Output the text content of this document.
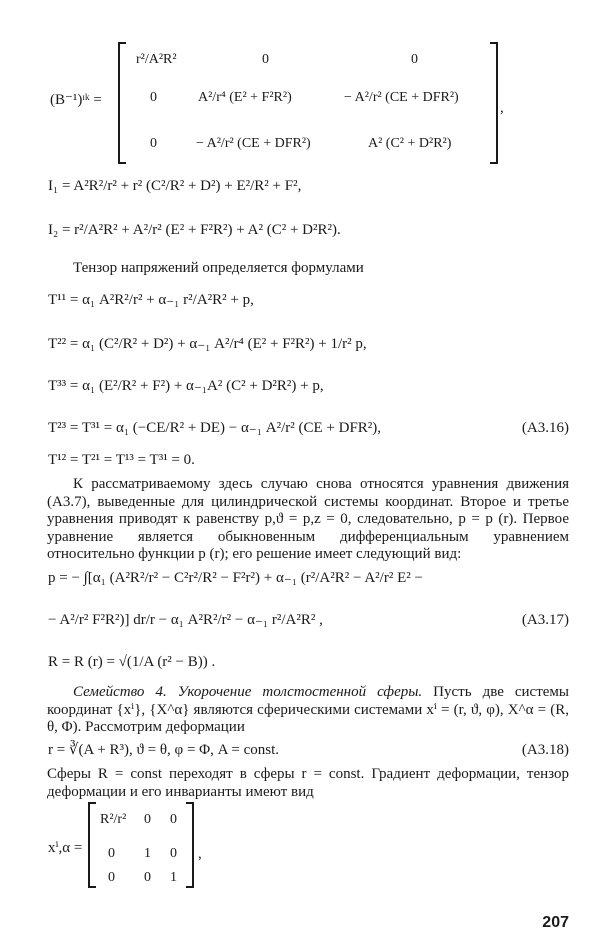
(B⁻¹)ᶦᵏ =
r²/A²R²	0	0
0	A²/r⁴ (E² + F²R²)	− A²/r² (CE + DFR²)
0	− A²/r² (CE + DFR²)	A² (C² + D²R²)
,
I₁ = A²R²/r² + r² (C²/R² + D²) + E²/R² + F²,
I₂ = r²/A²R² + A²/r² (E² + F²R²) + A² (C² + D²R²).
Тензор напряжений определяется формулами
T¹¹ = α₁ A²R²/r² + α₋₁ r²/A²R² + p,
T²² = α₁ (C²/R² + D²) + α₋₁ A²/r⁴ (E² + F²R²) + 1/r² p,
T³³ = α₁ (E²/R² + F²) + α₋₁A² (C² + D²R²) + p,
T²³ = T³¹ = α₁ (−CE/R² + DE) − α₋₁ A²/r² (CE + DFR²),	(A3.16)
T¹² = T²¹ = T¹³ = T³¹ = 0.
К рассматриваемому здесь случаю снова относятся уравнения движения (А3.7), выведенные для цилиндрической системы координат. Второе и третье уравнения приводят к равенству p,ϑ = p,z = 0, следовательно, p = p (r). Первое уравнение является обыкновенным дифференциальным уравнением относительно функции p (r); его решение имеет следующий вид:
p = − ∫[α₁ (A²R²/r² − C²r²/R² − F²r²) + α₋₁ (r²/A²R² − A²/r² E² −
− A²/r² F²R²)] dr/r − α₁ A²R²/r² − α₋₁ r²/A²R² ,	(A3.17)
R = R (r) = √(1/A (r² − B)) .
Семейство 4. Укорочение толстостенной сферы. Пусть две системы координат {xⁱ}, {X^α} являются сферическими системами xⁱ = (r, ϑ, φ), X^α = (R, θ, Φ). Рассмотрим деформации
r = ∛(A + R³), ϑ = θ, φ = Φ, A = const.	(A3.18)
Сферы R = const переходят в сферы r = const. Градиент деформации, тензор деформации и его инварианты имеют вид
xⁱ,α =
R²/r² 0 0
0 1 0
0 0 1
,
207
